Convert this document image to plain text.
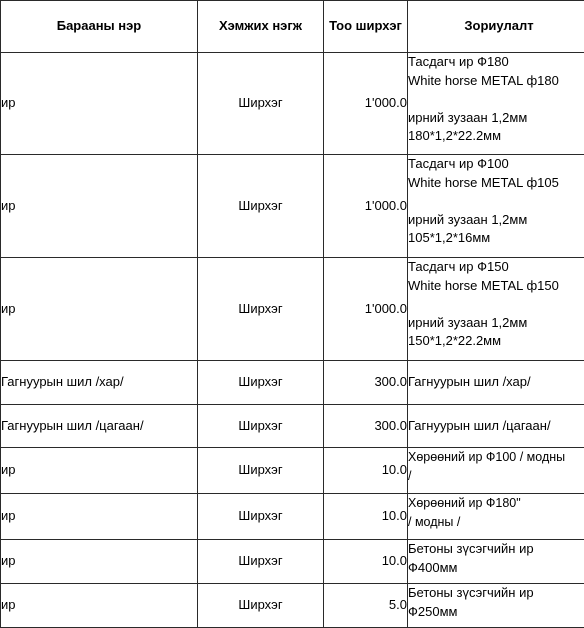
Барааны нэр	Хэмжих нэгж	Тоо ширхэг	Зориулалт
ир	Ширхэг	1'000.0	Тасдагч ир Ф180
White horse METAL ф180

ирний зузаан 1,2мм
180*1,2*22.2мм

ир	Ширхэг	1'000.0	Тасдагч ир Ф100
White horse METAL ф105

ирний зузаан 1,2мм
105*1,2*16мм

ир	Ширхэг	1'000.0	Тасдагч ир Ф150
White horse METAL ф150

ирний зузаан 1,2мм
150*1,2*22.2мм

Гагнуурын шил /хар/	Ширхэг	300.0	Гагнуурын шил /хар/

Гагнуурын шил /цагаан/	Ширхэг	300.0	Гагнуурын шил /цагаан/

ир	Ширхэг	10.0	Хөрөөний ир Ф100 / модны
/

ир	Ширхэг	10.0	Хөрөөний ир Ф180"
/ модны /

ир	Ширхэг	10.0	Бетоны зүсэгчийн ир
Ф400мм

ир	Ширхэг	5.0	Бетоны зүсэгчийн ир
Ф250мм
